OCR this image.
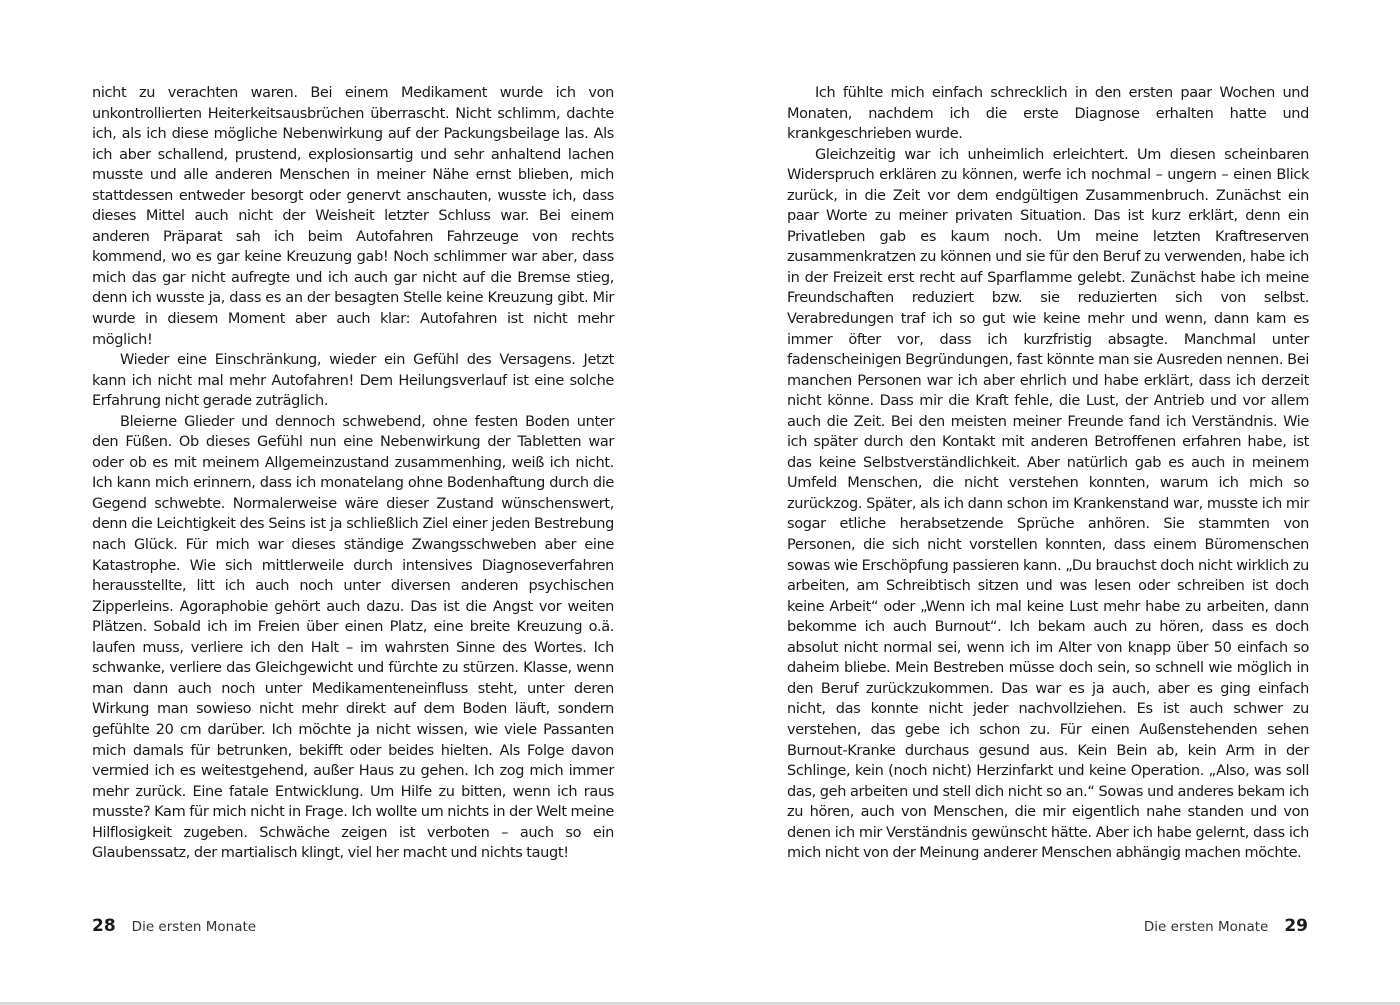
nicht zu verachten waren. Bei einem Medikament wurde ich von unkontrollierten Heiterkeitsausbrüchen überrascht. Nicht schlimm, dachte ich, als ich diese mögliche Nebenwirkung auf der Packungsbeilage las. Als ich aber schallend, prustend, explosionsartig und sehr anhaltend lachen musste und alle anderen Menschen in meiner Nähe ernst blieben, mich stattdessen entweder besorgt oder genervt anschauten, wusste ich, dass dieses Mittel auch nicht der Weisheit letzter Schluss war. Bei einem anderen Präparat sah ich beim Autofahren Fahrzeuge von rechts kommend, wo es gar keine Kreuzung gab! Noch schlimmer war aber, dass mich das gar nicht aufregte und ich auch gar nicht auf die Bremse stieg, denn ich wusste ja, dass es an der besagten Stelle keine Kreuzung gibt. Mir wurde in diesem Moment aber auch klar: Autofahren ist nicht mehr möglich!

Wieder eine Einschränkung, wieder ein Gefühl des Versagens. Jetzt kann ich nicht mal mehr Autofahren! Dem Heilungsverlauf ist eine solche Erfahrung nicht gerade zuträglich.

Bleierne Glieder und dennoch schwebend, ohne festen Boden unter den Füßen. Ob dieses Gefühl nun eine Nebenwirkung der Tabletten war oder ob es mit meinem Allgemeinzustand zusammenhing, weiß ich nicht. Ich kann mich erinnern, dass ich monatelang ohne Bodenhaftung durch die Gegend schwebte. Normalerweise wäre dieser Zustand wünschenswert, denn die Leichtigkeit des Seins ist ja schließlich Ziel einer jeden Bestrebung nach Glück. Für mich war dieses ständige Zwangsschweben aber eine Katastrophe. Wie sich mittlerweile durch intensives Diagnoseverfahren herausstellte, litt ich auch noch unter diversen anderen psychischen Zipperleins. Agoraphobie gehört auch dazu. Das ist die Angst vor weiten Plätzen. Sobald ich im Freien über einen Platz, eine breite Kreuzung o.ä. laufen muss, verliere ich den Halt – im wahrsten Sinne des Wortes. Ich schwanke, verliere das Gleichgewicht und fürchte zu stürzen. Klasse, wenn man dann auch noch unter Medikamenteneinfluss steht, unter deren Wirkung man sowieso nicht mehr direkt auf dem Boden läuft, sondern gefühlte 20 cm darüber. Ich möchte ja nicht wissen, wie viele Passanten mich damals für betrunken, bekifft oder beides hielten. Als Folge davon vermied ich es weitestgehend, außer Haus zu gehen. Ich zog mich immer mehr zurück. Eine fatale Entwicklung. Um Hilfe zu bitten, wenn ich raus musste? Kam für mich nicht in Frage. Ich wollte um nichts in der Welt meine Hilflosigkeit zugeben. Schwäche zeigen ist verboten – auch so ein Glaubenssatz, der martialisch klingt, viel her macht und nichts taugt!

Ich fühlte mich einfach schrecklich in den ersten paar Wochen und Monaten, nachdem ich die erste Diagnose erhalten hatte und krankgeschrieben wurde.

Gleichzeitig war ich unheimlich erleichtert. Um diesen scheinbaren Widerspruch erklären zu können, werfe ich nochmal – ungern – einen Blick zurück, in die Zeit vor dem endgültigen Zusammenbruch. Zunächst ein paar Worte zu meiner privaten Situation. Das ist kurz erklärt, denn ein Privatleben gab es kaum noch. Um meine letzten Kraftreserven zusammenkratzen zu können und sie für den Beruf zu verwenden, habe ich in der Freizeit erst recht auf Sparflamme gelebt. Zunächst habe ich meine Freundschaften reduziert bzw. sie reduzierten sich von selbst. Verabredungen traf ich so gut wie keine mehr und wenn, dann kam es immer öfter vor, dass ich kurzfristig absagte. Manchmal unter fadenscheinigen Begründungen, fast könnte man sie Ausreden nennen. Bei manchen Personen war ich aber ehrlich und habe erklärt, dass ich derzeit nicht könne. Dass mir die Kraft fehle, die Lust, der Antrieb und vor allem auch die Zeit. Bei den meisten meiner Freunde fand ich Verständnis. Wie ich später durch den Kontakt mit anderen Betroffenen erfahren habe, ist das keine Selbstverständlichkeit. Aber natürlich gab es auch in meinem Umfeld Menschen, die nicht verstehen konnten, warum ich mich so zurückzog. Später, als ich dann schon im Krankenstand war, musste ich mir sogar etliche herabsetzende Sprüche anhören. Sie stammten von Personen, die sich nicht vorstellen konnten, dass einem Büromenschen sowas wie Erschöpfung passieren kann. „Du brauchst doch nicht wirklich zu arbeiten, am Schreibtisch sitzen und was lesen oder schreiben ist doch keine Arbeit“ oder „Wenn ich mal keine Lust mehr habe zu arbeiten, dann bekomme ich auch Burnout“. Ich bekam auch zu hören, dass es doch absolut nicht normal sei, wenn ich im Alter von knapp über 50 einfach so daheim bliebe. Mein Bestreben müsse doch sein, so schnell wie möglich in den Beruf zurückzukommen. Das war es ja auch, aber es ging einfach nicht, das konnte nicht jeder nachvollziehen. Es ist auch schwer zu verstehen, das gebe ich schon zu. Für einen Außenstehenden sehen Burnout-Kranke durchaus gesund aus. Kein Bein ab, kein Arm in der Schlinge, kein (noch nicht) Herzinfarkt und keine Operation. „Also, was soll das, geh arbeiten und stell dich nicht so an.“ Sowas und anderes bekam ich zu hören, auch von Menschen, die mir eigentlich nahe standen und von denen ich mir Verständnis gewünscht hätte. Aber ich habe gelernt, dass ich mich nicht von der Meinung anderer Menschen abhängig machen möchte.

28 Die ersten Monate	Die ersten Monate 29
